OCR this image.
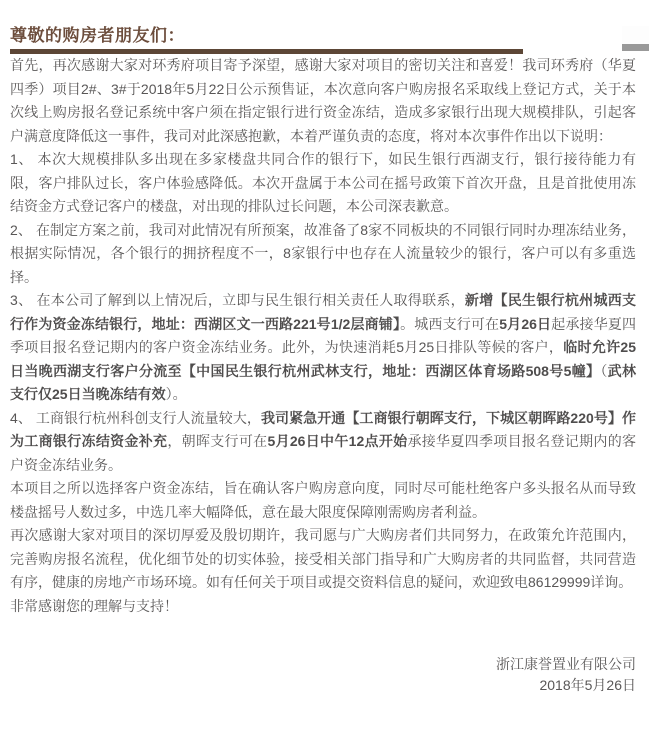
尊敬的购房者朋友们：

首先，再次感谢大家对环秀府项目寄予深望，感谢大家对项目的密切关注和喜爱！我司环秀府（华夏四季）项目2#、3#于2018年5月22日公示预售证，本次意向客户购房报名采取线上登记方式，关于本次线上购房报名登记系统中客户须在指定银行进行资金冻结，造成多家银行出现大规模排队，引起客户满意度降低这一事件，我司对此深感抱歉，本着严谨负责的态度，将对本次事件作出以下说明：

1、 本次大规模排队多出现在多家楼盘共同合作的银行下，如民生银行西湖支行，银行接待能力有限，客户排队过长，客户体验感降低。本次开盘属于本公司在摇号政策下首次开盘，且是首批使用冻结资金方式登记客户的楼盘，对出现的排队过长问题，本公司深表歉意。

2、 在制定方案之前，我司对此情况有所预案，故准备了8家不同板块的不同银行同时办理冻结业务，根据实际情况，各个银行的拥挤程度不一，8家银行中也存在人流量较少的银行，客户可以有多重选择。

3、 在本公司了解到以上情况后，立即与民生银行相关责任人取得联系，新增【民生银行杭州城西支行作为资金冻结银行，地址：西湖区文一西路221号1/2层商铺】。城西支行可在5月26日起承接华夏四季项目报名登记期内的客户资金冻结业务。此外，为快速消耗5月25日排队等候的客户，临时允许25日当晚西湖支行客户分流至【中国民生银行杭州武林支行，地址：西湖区体育场路508号5幢】（武林支行仅25日当晚冻结有效）。

4、 工商银行杭州科创支行人流量较大，我司紧急开通【工商银行朝晖支行，下城区朝晖路220号】作为工商银行冻结资金补充，朝晖支行可在5月26日中午12点开始承接华夏四季项目报名登记期内的客户资金冻结业务。

本项目之所以选择客户资金冻结，旨在确认客户购房意向度，同时尽可能杜绝客户多头报名从而导致楼盘摇号人数过多，中选几率大幅降低，意在最大限度保障刚需购房者利益。

再次感谢大家对项目的深切厚爱及殷切期许，我司愿与广大购房者们共同努力，在政策允许范围内，完善购房报名流程，优化细节处的切实体验，接受相关部门指导和广大购房者的共同监督，共同营造有序，健康的房地产市场环境。如有任何关于项目或提交资料信息的疑问，欢迎致电86129999详询。

非常感谢您的理解与支持！

浙江康誉置业有限公司
2018年5月26日
